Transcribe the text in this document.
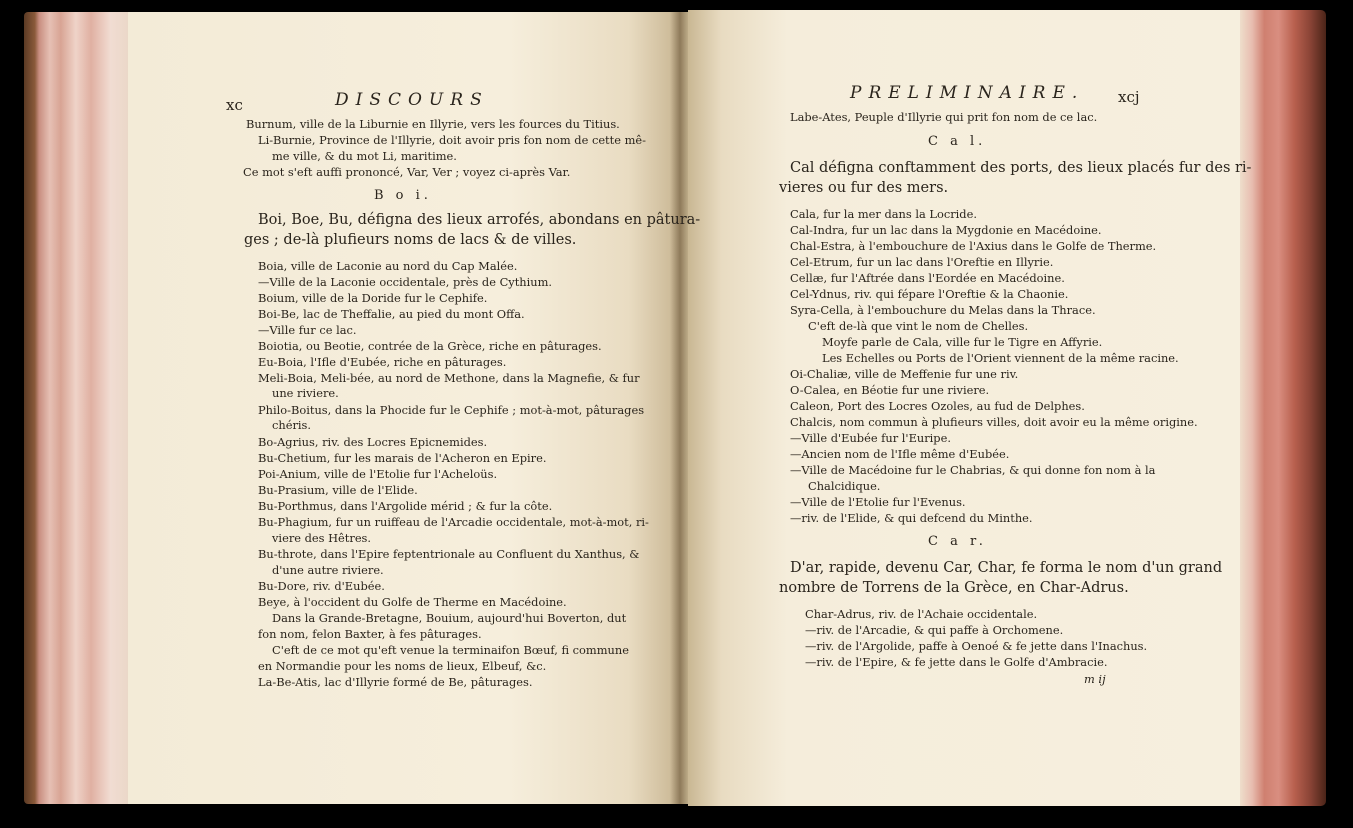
xc	DISCOURS

Burnum, ville de la Liburnie en Illyrie, vers les fources du Titius.

Li-Burnie, Province de l'Illyrie, doit avoir pris fon nom de cette mê-

me ville, & du mot Li, maritime.

Ce mot s'eft auffi prononcé, Var, Ver ; voyez ci-après Var.

B o i.

Boi, Boe, Bu, défigna des lieux arrofés, abondans en pâtura-

ges ; de-là plufieurs noms de lacs & de villes.

Boia, ville de Laconie au nord du Cap Malée.

—Ville de la Laconie occidentale, près de Cythium.

Boium, ville de la Doride fur le Cephife.

Boi-Be, lac de Theffalie, au pied du mont Offa.

—Ville fur ce lac.

Boiotia, ou Beotie, contrée de la Grèce, riche en pâturages.

Eu-Boia, l'Ifle d'Eubée, riche en pâturages.

Meli-Boia, Meli-bée, au nord de Methone, dans la Magnefie, & fur

une riviere.

Philo-Boitus, dans la Phocide fur le Cephife ; mot-à-mot, pâturages

chéris.

Bo-Agrius, riv. des Locres Epicnemides.

Bu-Chetium, fur les marais de l'Acheron en Epire.

Poi-Anium, ville de l'Etolie fur l'Acheloüs.

Bu-Prasium, ville de l'Elide.

Bu-Porthmus, dans l'Argolide mérid ; & fur la côte.

Bu-Phagium, fur un ruiffeau de l'Arcadie occidentale, mot-à-mot, ri-

viere des Hêtres.

Bu-throte, dans l'Epire feptentrionale au Confluent du Xanthus, &

d'une autre riviere.

Bu-Dore, riv. d'Eubée.

Beye, à l'occident du Golfe de Therme en Macédoine.

Dans la Grande-Bretagne, Bouium, aujourd'hui Boverton, dut

fon nom, felon Baxter, à fes pâturages.

C'eft de ce mot qu'eft venue la terminaifon Bœuf, fi commune

en Normandie pour les noms de lieux, Elbeuf, &c.

La-Be-Atis, lac d'Illyrie formé de Be, pâturages.

PRELIMINAIRE. xcj

Labe-Ates, Peuple d'Illyrie qui prit fon nom de ce lac.

C a l.

Cal défigna conftamment des ports, des lieux placés fur des ri-

vieres ou fur des mers.

Cala, fur la mer dans la Locride.

Cal-Indra, fur un lac dans la Mygdonie en Macédoine.

Chal-Estra, à l'embouchure de l'Axius dans le Golfe de Therme.

Cel-Etrum, fur un lac dans l'Oreftie en Illyrie.

Cellæ, fur l'Aftrée dans l'Eordée en Macédoine.

Cel-Ydnus, riv. qui fépare l'Oreftie & la Chaonie.

Syra-Cella, à l'embouchure du Melas dans la Thrace.

C'eft de-là que vint le nom de Chelles.

Moyfe parle de Cala, ville fur le Tigre en Affyrie.

Les Echelles ou Ports de l'Orient viennent de la même racine.

Oi-Chaliæ, ville de Meffenie fur une riv.

O-Calea, en Béotie fur une riviere.

Caleon, Port des Locres Ozoles, au fud de Delphes.

Chalcis, nom commun à plufieurs villes, doit avoir eu la même origine.

—Ville d'Eubée fur l'Euripe.

—Ancien nom de l'Ifle même d'Eubée.

—Ville de Macédoine fur le Chabrias, & qui donne fon nom à la

Chalcidique.

—Ville de l'Etolie fur l'Evenus.

—riv. de l'Elide, & qui defcend du Minthe.

C a r.

D'ar, rapide, devenu Car, Char, fe forma le nom d'un grand

nombre de Torrens de la Grèce, en Char-Adrus.

Char-Adrus, riv. de l'Achaie occidentale.

—riv. de l'Arcadie, & qui paffe à Orchomene.

—riv. de l'Argolide, paffe à Oenoé & fe jette dans l'Inachus.

—riv. de l'Epire, & fe jette dans le Golfe d'Ambracie.

m ij
